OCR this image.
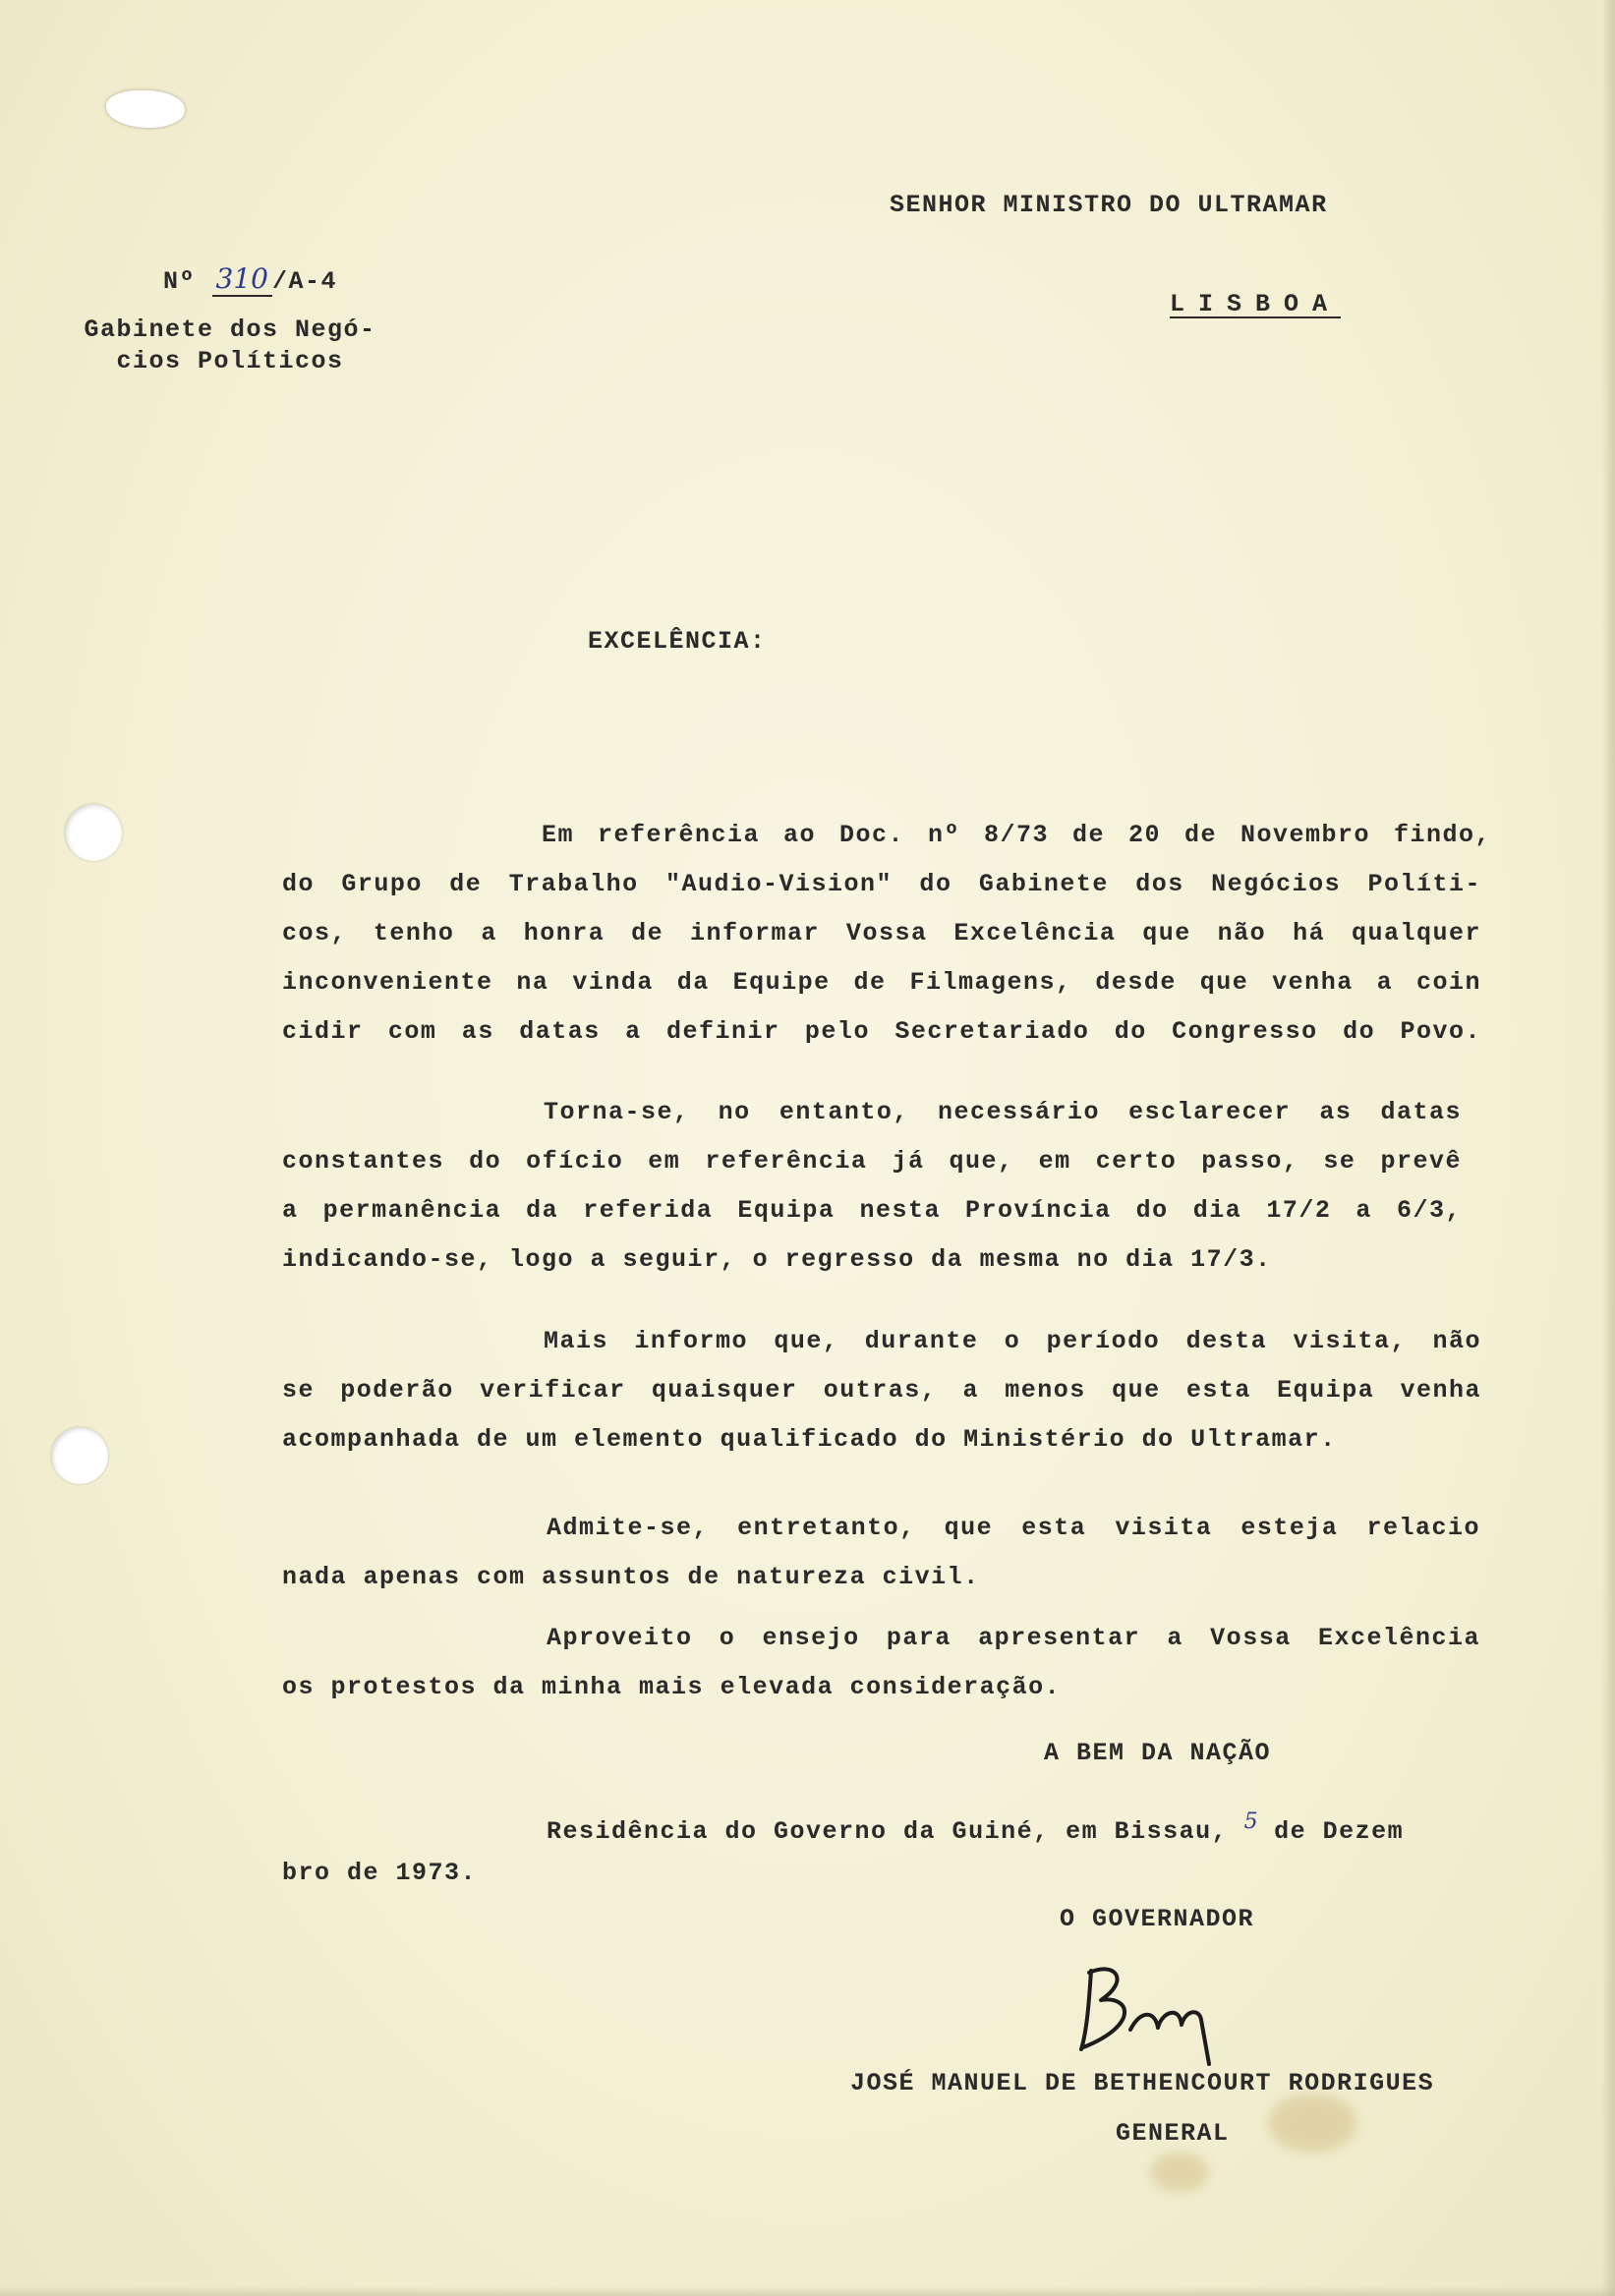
SENHOR MINISTRO DO ULTRAMAR
LISBOA
Nº 310 /A-4
Gabinete dos Negó-
cios Políticos
EXCELÊNCIA:
Em referência ao Doc. nº 8/73 de 20 de Novembro findo,
do Grupo de Trabalho "Audio-Vision" do Gabinete dos Negócios Políti-
cos, tenho a honra de informar Vossa Excelência que não há qualquer
inconveniente na vinda da Equipe de Filmagens, desde que venha a coin
cidir com as datas a definir pelo Secretariado do Congresso do Povo.
Torna-se, no entanto, necessário esclarecer as datas
constantes do ofício em referência já que, em certo passo, se prevê
a permanência da referida Equipa nesta Província do dia 17/2 a 6/3,
indicando-se, logo a seguir, o regresso da mesma no dia 17/3.
Mais informo que, durante o período desta visita, não
se poderão verificar quaisquer outras, a menos que esta Equipa venha
acompanhada de um elemento qualificado do Ministério do Ultramar.
Admite-se, entretanto, que esta visita esteja relacio
nada apenas com assuntos de natureza civil.
Aproveito o ensejo para apresentar a Vossa Excelência
os protestos da minha mais elevada consideração.
A BEM DA NAÇÃO
Residência do Governo da Guiné, em Bissau, 5 de Dezem
bro de 1973.
O GOVERNADOR
JOSÉ MANUEL DE BETHENCOURT RODRIGUES
GENERAL
